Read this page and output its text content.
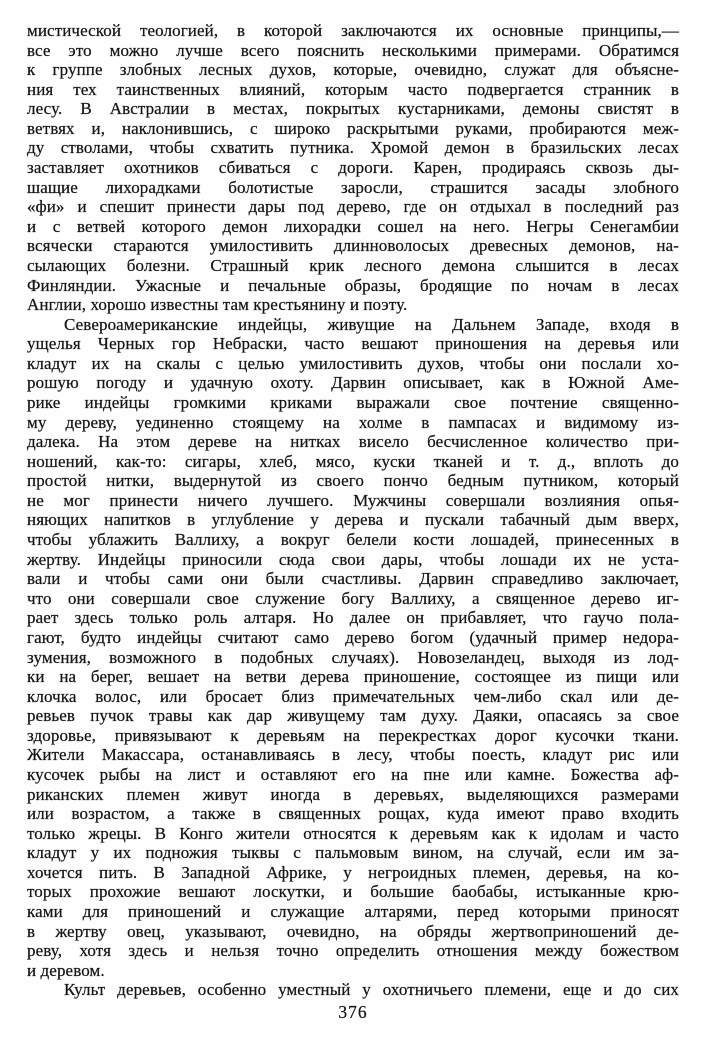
мистической теологией, в которой заключаются их основные принципы,—
все это можно лучше всего пояснить несколькими примерами. Обратимся
к группе злобных лесных духов, которые, очевидно, служат для объясне-
ния тех таинственных влияний, которым часто подвергается странник в
лесу. В Австралии в местах, покрытых кустарниками, демоны свистят в
ветвях и, наклонившись, с широко раскрытыми руками, пробираются меж-
ду стволами, чтобы схватить путника. Хромой демон в бразильских лесах
заставляет охотников сбиваться с дороги. Карен, продираясь сквозь ды-
шащие лихорадками болотистые заросли, страшится засады злобного
«фи» и спешит принести дары под дерево, где он отдыхал в последний раз
и с ветвей которого демон лихорадки сошел на него. Негры Сенегамбии
всячески стараются умилостивить длинноволосых древесных демонов, на-
сылающих болезни. Страшный крик лесного демона слышится в лесах
Финляндии. Ужасные и печальные образы, бродящие по ночам в лесах
Англии, хорошо известны там крестьянину и поэту.
Североамериканские индейцы, живущие на Дальнем Западе, входя в
ущелья Черных гор Небраски, часто вешают приношения на деревья или
кладут их на скалы с целью умилостивить духов, чтобы они послали хо-
рошую погоду и удачную охоту. Дарвин описывает, как в Южной Аме-
рике индейцы громкими криками выражали свое почтение священно-
му дереву, уединенно стоящему на холме в пампасах и видимому из-
далека. На этом дереве на нитках висело бесчисленное количество при-
ношений, как-то: сигары, хлеб, мясо, куски тканей и т. д., вплоть до
простой нитки, выдернутой из своего пончо бедным путником, который
не мог принести ничего лучшего. Мужчины совершали возлияния опья-
няющих напитков в углубление у дерева и пускали табачный дым вверх,
чтобы ублажить Валлиху, а вокруг белели кости лошадей, принесенных в
жертву. Индейцы приносили сюда свои дары, чтобы лошади их не уста-
вали и чтобы сами они были счастливы. Дарвин справедливо заключает,
что они совершали свое служение богу Валлиху, а священное дерево иг-
рает здесь только роль алтаря. Но далее он прибавляет, что гаучо пола-
гают, будто индейцы считают само дерево богом (удачный пример недора-
зумения, возможного в подобных случаях). Новозеландец, выходя из лод-
ки на берег, вешает на ветви дерева приношение, состоящее из пищи или
клочка волос, или бросает близ примечательных чем-либо скал или де-
ревьев пучок травы как дар живущему там духу. Даяки, опасаясь за свое
здоровье, привязывают к деревьям на перекрестках дорог кусочки ткани.
Жители Макассара, останавливаясь в лесу, чтобы поесть, кладут рис или
кусочек рыбы на лист и оставляют его на пне или камне. Божества аф-
риканских племен живут иногда в деревьях, выделяющихся размерами
или возрастом, а также в священных рощах, куда имеют право входить
только жрецы. В Конго жители относятся к деревьям как к идолам и часто
кладут у их подножия тыквы с пальмовым вином, на случай, если им за-
хочется пить. В Западной Африке, у негроидных племен, деревья, на ко-
торых прохожие вешают лоскутки, и большие баобабы, истыканные крю-
ками для приношений и служащие алтарями, перед которыми приносят
в жертву овец, указывают, очевидно, на обряды жертвоприношений де-
реву, хотя здесь и нельзя точно определить отношения между божеством
и деревом.
Культ деревьев, особенно уместный у охотничьего племени, еще и до сих
376
